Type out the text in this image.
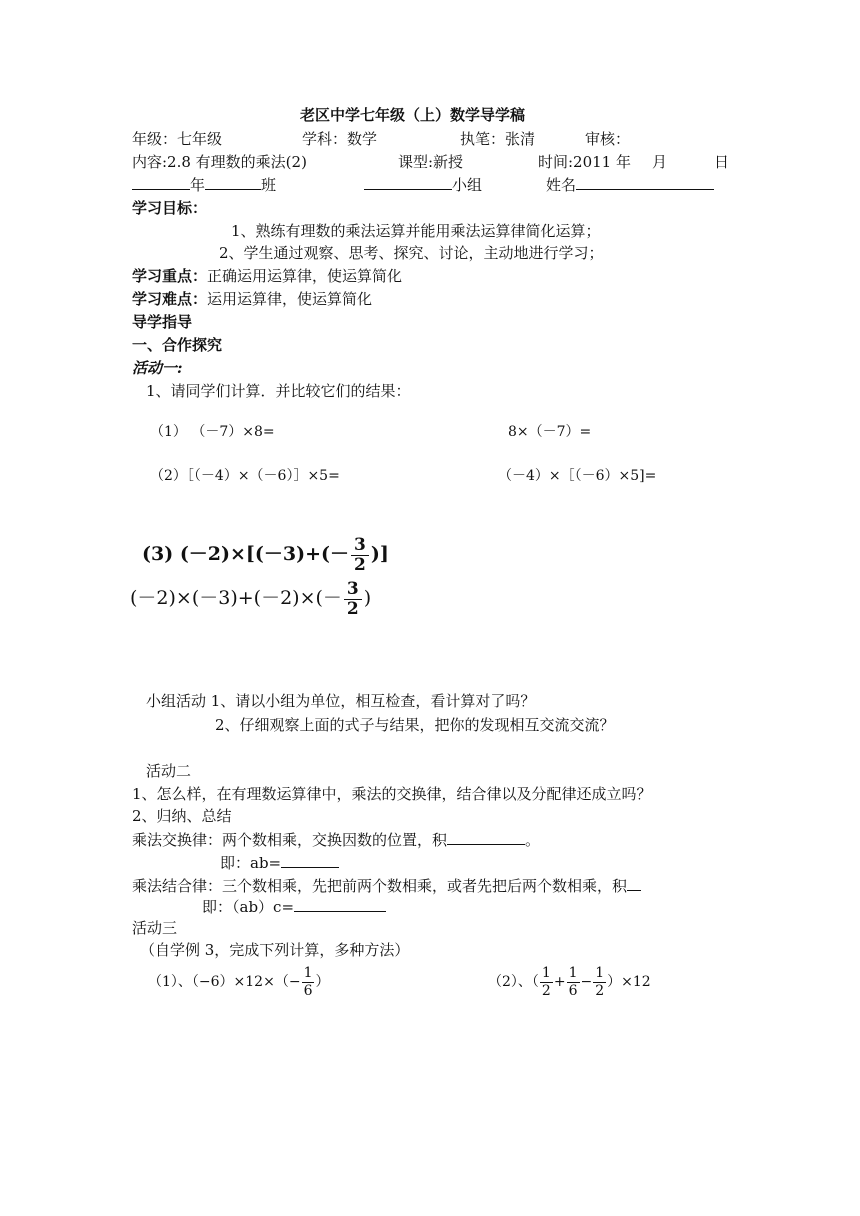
老区中学七年级（上）数学导学稿
年级：七年级	学科：数学	执笔：张清	审核：
内容:2.8 有理数的乘法(2)	课型:新授	时间:2011 年 月	日
年	班	小组	姓名
学习目标：
1、熟练有理数的乘法运算并能用乘法运算律简化运算；
2、学生通过观察、思考、探究、讨论，主动地进行学习；
学习重点：正确运用运算律，使运算简化
学习难点：运用运算律，使运算简化
导学指导
一、合作探究
活动一:
1、请同学们计算．并比较它们的结果：
（1） （－7）×8=	8×（－7）=
（2）［（－4）×（－6）］×5=	（－4）×［（－6）×5]=
(3) $(-2)\times[(-3)+(- \frac{3}{2}$ )]
$(-2)\times(-3)+(-2)\times(- \frac{3}{2}$ )
小组活动 1、请以小组为单位，相互检查，看计算对了吗？
2、仔细观察上面的式子与结果，把你的发现相互交流交流？
活动二
1、怎么样，在有理数运算律中，乘法的交换律，结合律以及分配律还成立吗？
2、归纳、总结
乘法交换律：两个数相乘，交换因数的位置，积	。
即：ab=
乘法结合律：三个数相乘，先把前两个数相乘，或者先把后两个数相乘，积
即：（ab）c=
活动三
（自学例 3，完成下列计算，多种方法）
（1）、$(-6)\times 12\times(- \frac{1}{6}$ ）	（2）、（ $\frac{1}{2} + \frac{1}{6} - \frac{1}{2} )\times 12$
